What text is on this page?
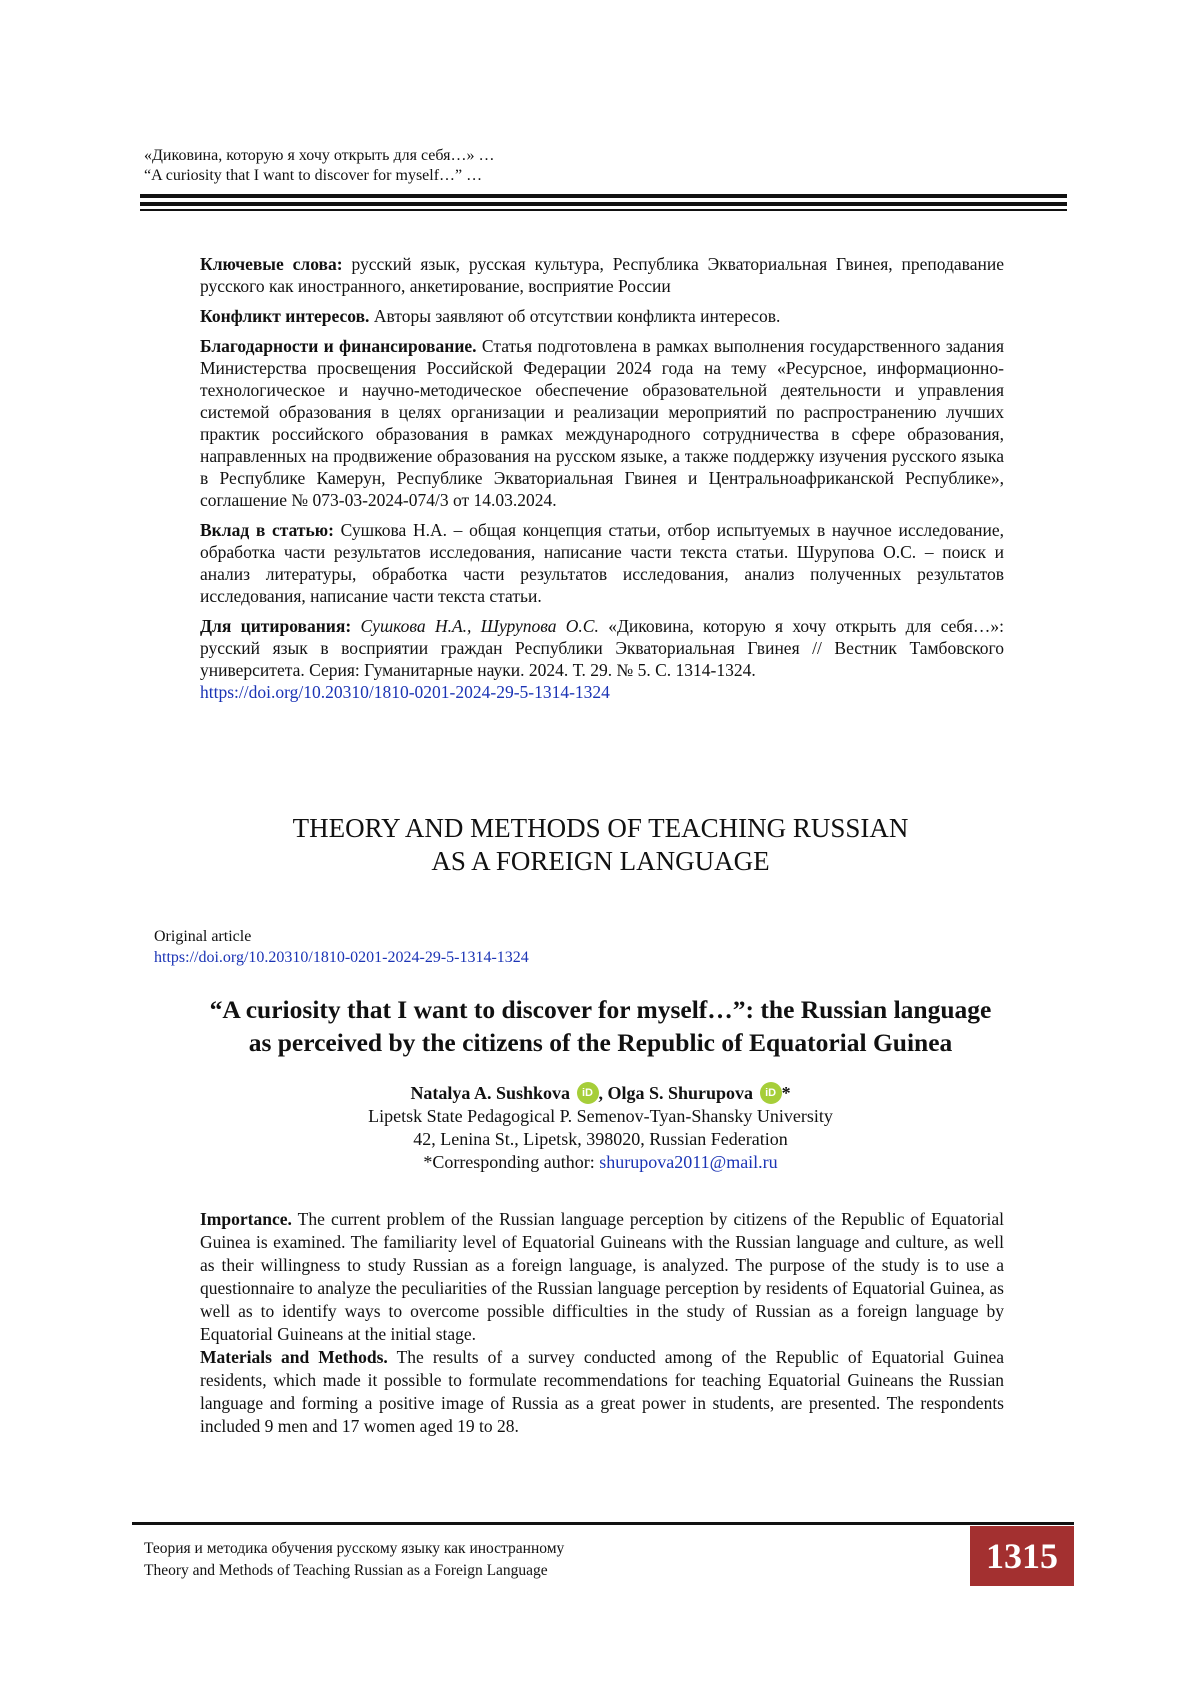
«Диковина, которую я хочу открыть для себя…» …
“A curiosity that I want to discover for myself…” …

Ключевые слова: русский язык, русская культура, Республика Экваториальная Гвинея, преподавание русского как иностранного, анкетирование, восприятие России

Конфликт интересов. Авторы заявляют об отсутствии конфликта интересов.

Благодарности и финансирование. Статья подготовлена в рамках выполнения государственного задания Министерства просвещения Российской Федерации 2024 года на тему «Ресурсное, информационно-технологическое и научно-методическое обеспечение образовательной деятельности и управления системой образования в целях организации и реализации мероприятий по распространению лучших практик российского образования в рамках международного сотрудничества в сфере образования, направленных на продвижение образования на русском языке, а также поддержку изучения русского языка в Республике Камерун, Республике Экваториальная Гвинея и Центральноафриканской Республике», соглашение № 073-03-2024-074/3 от 14.03.2024.

Вклад в статью: Сушкова Н.А. – общая концепция статьи, отбор испытуемых в научное исследование, обработка части результатов исследования, написание части текста статьи. Шурупова О.С. – поиск и анализ литературы, обработка части результатов исследования, анализ полученных результатов исследования, написание части текста статьи.

Для цитирования: Сушкова Н.А., Шурупова О.С. «Диковина, которую я хочу открыть для себя…»: русский язык в восприятии граждан Республики Экваториальная Гвинея // Вестник Тамбовского университета. Серия: Гуманитарные науки. 2024. Т. 29. № 5. С. 1314-1324.
https://doi.org/10.20310/1810-0201-2024-29-5-1314-1324

THEORY AND METHODS OF TEACHING RUSSIAN
AS A FOREIGN LANGUAGE
Original article
https://doi.org/10.20310/1810-0201-2024-29-5-1314-1324
“A curiosity that I want to discover for myself…”: the Russian language
as perceived by the citizens of the Republic of Equatorial Guinea
Natalya A. Sushkova iD , Olga S. Shurupova iD *
Lipetsk State Pedagogical P. Semenov-Tyan-Shansky University
42, Lenina St., Lipetsk, 398020, Russian Federation
*Corresponding author: shurupova2011@mail.ru

Importance. The current problem of the Russian language perception by citizens of the Republic of Equatorial Guinea is examined. The familiarity level of Equatorial Guineans with the Russian language and culture, as well as their willingness to study Russian as a foreign language, is analyzed. The purpose of the study is to use a questionnaire to analyze the peculiarities of the Russian language perception by residents of Equatorial Guinea, as well as to identify ways to overcome possible difficulties in the study of Russian as a foreign language by Equatorial Guineans at the initial stage.

Materials and Methods. The results of a survey conducted among of the Republic of Equatorial Guinea residents, which made it possible to formulate recommendations for teaching Equatorial Guineans the Russian language and forming a positive image of Russia as a great power in students, are presented. The respondents included 9 men and 17 women aged 19 to 28.

Теория и методика обучения русскому языку как иностранному
Theory and Methods of Teaching Russian as a Foreign Language	1315
